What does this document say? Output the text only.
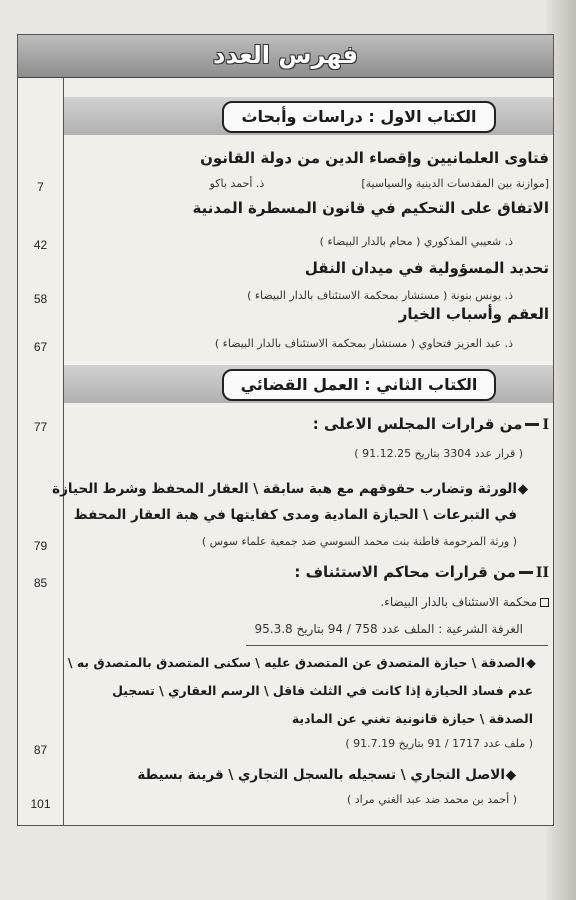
فهرس العدد
الكتاب الاول : دراسات وأبحاث
فتاوى العلمانيين وإقصاء الدين من دولة القانون
[موازنة بين المقدسات الدينية والسياسية]  ذ. أحمد باكو
7
الاتفاق على التحكيم في قانون المسطرة المدنية
ذ. شعيبي المذكوري ( محام بالدار البيضاء )
42
تحديد المسؤولية في ميدان النقل
ذ. يونس بنونة ( مستشار بمحكمة الاستئناف بالدار البيضاء )
58
العقم وأسباب الخيار
ذ. عبد العزيز فتحاوي ( مستشار بمحكمة الاستئناف بالدار البيضاء )
67
الكتاب الثاني : العمل القضائي
Iمن قرارات المجلس الاعلى :
77
( قرار عدد 3304 بتاريخ 91.12.25 )
◆الورثة وتضارب حقوقهم مع هبة سابقة \ العقار المحفظ وشرط الحيازة
في التبرعات \ الحيازة المادية ومدى كفايتها في هبة العقار المحفظ
( ورثة المرحومة فاطنة بنت محمد السوسي ضد جمعية علماء سوس )
79
IIمن قرارات محاكم الاستئناف :
85
محكمة الاستئناف بالدار البيضاء.
الغرفة الشرعية : الملف عدد 758 / 94 بتاريخ 95.3.8
◆الصدقة \ حيازة المتصدق عن المتصدق عليه \ سكنى المتصدق بالمتصدق به \
عدم فساد الحيازة إذا كانت في الثلث فاقل \ الرسم العقاري \ تسجيل
الصدقة \ حيازة قانونية تغني عن المادية
( ملف عدد 1717 / 91 بتاريخ 91.7.19 )
87
◆الاصل التجاري \ تسجيله بالسجل التجاري \ قرينة بسيطة
( أحمد بن محمد ضد عبد الغني مراد )
101
